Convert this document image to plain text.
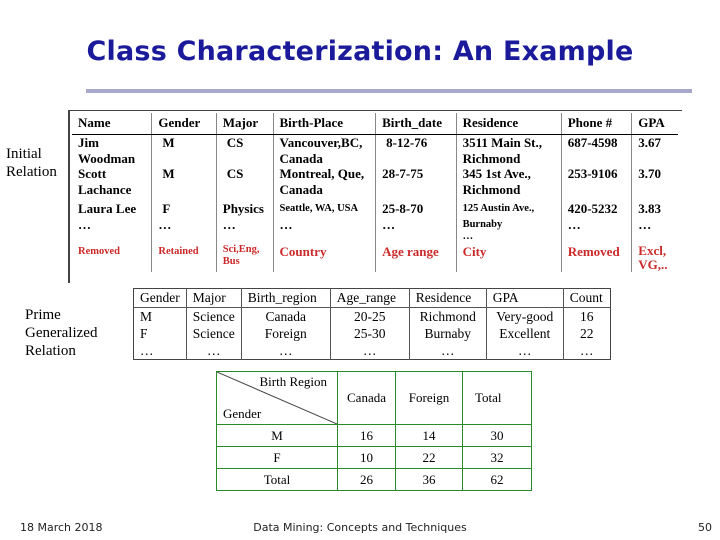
Class Characterization: An Example
Initial
Relation
Name	Gender	Major	Birth-Place	Birth_date	Residence	Phone #	GPA
Jim	M	CS	Vancouver,BC,	8-12-76	3511 Main St.,	687-4598	3.67
Woodman			Canada		Richmond		
Scott	M	CS	Montreal, Que,	28-7-75	345 1st Ave.,	253-9106	3.70
Lachance			Canada		Richmond		
Laura Lee	F	Physics	Seattle, WA, USA	25-8-70	125 Austin Ave.,	420-5232	3.83
…	…	…	…	…	Burnaby	…	…
					…		
Removed	Retained	Sci,Eng, Bus	Country	Age range	City	Removed	Excl, VG,..
Prime
Generalized
Relation
Gender	Major	Birth_region	Age_range	Residence	GPA	Count
M	Science	Canada	20-25	Richmond	Very-good	16
F	Science	Foreign	25-30	Burnaby	Excellent	22
…	…	…	…	…	…	…
Birth Region
Gender	Canada	Foreign	Total
M	16	14	30
F	10	22	32
Total	26	36	62
18 March 2018	Data Mining: Concepts and Techniques	50
